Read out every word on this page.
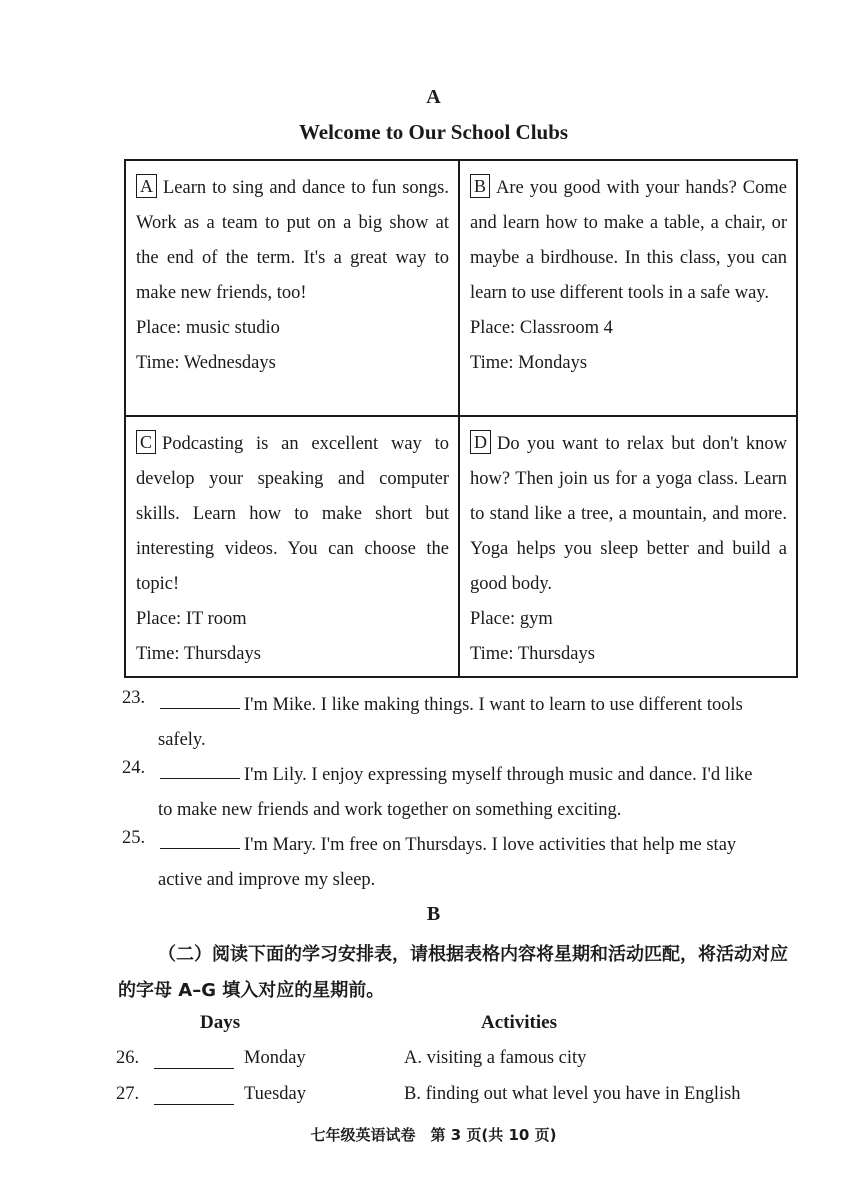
A
Welcome to Our School Clubs

A Learn to sing and dance to fun songs. Work as a team to put on a big show at the end of the term. It's a great way to make new friends, too!

Place: music studio

Time: Wednesdays

B Are you good with your hands? Come and learn how to make a table, a chair, or maybe a birdhouse. In this class, you can learn to use different tools in a safe way.

Place: Classroom 4

Time: Mondays

C Podcasting is an excellent way to develop your speaking and computer skills. Learn how to make short but interesting videos. You can choose the topic!

Place: IT room

Time: Thursdays

D Do you want to relax but don't know how? Then join us for a yoga class. Learn to stand like a tree, a mountain, and more. Yoga helps you sleep better and build a good body.

Place: gym

Time: Thursdays

23.	I'm Mike. I like making things. I want to learn to use different tools
safely.
24.	I'm Lily. I enjoy expressing myself through music and dance. I'd like
to make new friends and work together on something exciting.
25.	I'm Mary. I'm free on Thursdays. I love activities that help me stay
active and improve my sleep.
B
（二）阅读下面的学习安排表，请根据表格内容将星期和活动匹配，将活动对应的字母 A–G 填入对应的星期前。
Days	Activities
26.	Monday	A. visiting a famous city
27.	Tuesday	B. finding out what level you have in English
七年级英语试卷　第 3 页(共 10 页)
